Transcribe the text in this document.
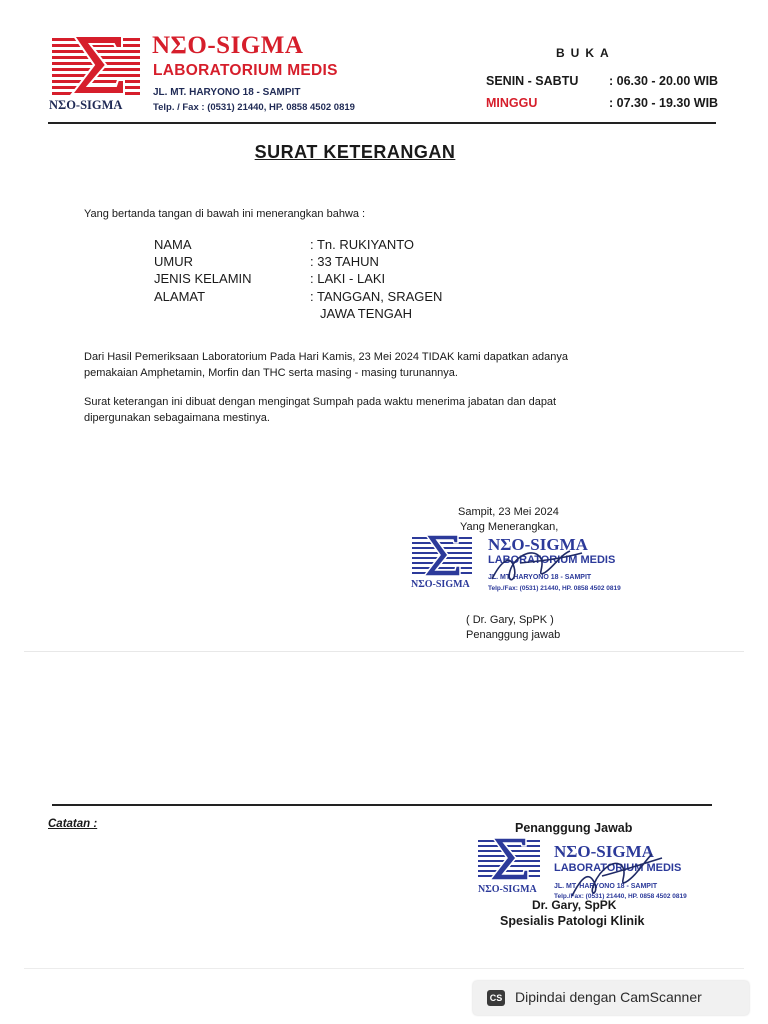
NΣO-SIGMA
NΣO-SIGMA
LABORATORIUM MEDIS
JL. MT. HARYONO 18 - SAMPIT
Telp. / Fax : (0531) 21440, HP. 0858 4502 0819
BUKA
SENIN - SABTU : 06.30 - 20.00 WIB
MINGGU	: 07.30 - 19.30 WIB
SURAT KETERANGAN
Yang bertanda tangan di bawah ini menerangkan bahwa :
NAMA	: Tn. RUKIYANTO
UMUR	: 33 TAHUN
JENIS KELAMIN	: LAKI - LAKI
ALAMAT	: TANGGAN, SRAGEN
JAWA TENGAH
Dari Hasil Pemeriksaan Laboratorium Pada Hari Kamis, 23 Mei 2024 TIDAK kami dapatkan adanya pemakaian Amphetamin, Morfin dan THC serta masing - masing turunannya.
Surat keterangan ini dibuat dengan mengingat Sumpah pada waktu menerima jabatan dan dapat dipergunakan sebagaimana mestinya.
Sampit, 23 Mei 2024
Yang Menerangkan,
NΣO-SIGMA
LABORATORIUM MEDIS
JL. MT. HARYONO 18 - SAMPIT
Telp./Fax: (0531) 21440, HP. 0858 4502 0819
NΣO-SIGMA
( Dr. Gary, SpPK )
Penanggung jawab
Catatan :	Penanggung Jawab
NΣO-SIGMA
LABORATORIUM MEDIS
JL. MT. HARYONO 18 - SAMPIT
Telp./Fax: (0531) 21440, HP. 0858 4502 0819
NΣO-SIGMA
Dr. Gary, SpPK
Spesialis Patologi Klinik
CS Dipindai dengan CamScanner
